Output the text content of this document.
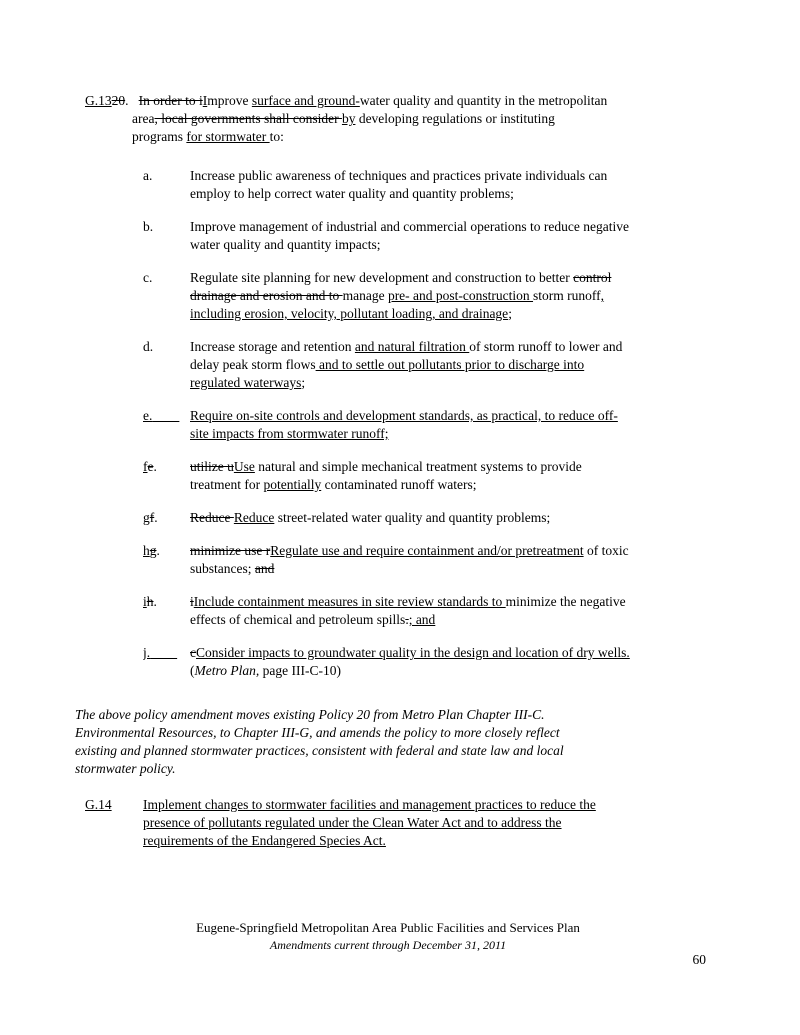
G.1320. In order to iImprove surface and ground-water quality and quantity in the metropolitan
area, local governments shall consider by developing regulations or instituting
programs for stormwater to:

a.	Increase public awareness of techniques and practices private individuals can
employ to help correct water quality and quantity problems;
b.	Improve management of industrial and commercial operations to reduce negative
water quality and quantity impacts;
c.	Regulate site planning for new development and construction to better control
drainage and erosion and to manage pre- and post-construction storm runoff,
including erosion, velocity, pollutant loading, and drainage;
d.	Increase storage and retention and natural filtration of storm runoff to lower and
delay peak storm flows and to settle out pollutants prior to discharge into
regulated waterways;
e.	Require on-site controls and development standards, as practical, to reduce off-
site impacts from stormwater runoff;
fe.	utilize uUse natural and simple mechanical treatment systems to provide
treatment for potentially contaminated runoff waters;
gf.	Reduce Reduce street-related water quality and quantity problems;
hg.	minimize use rRegulate use and require containment and/or pretreatment of toxic
substances; and
ih.	iInclude containment measures in site review standards to minimize the negative
effects of chemical and petroleum spills.; and
j.	cConsider impacts to groundwater quality in the design and location of dry wells.
(Metro Plan, page III-C-10)

The above policy amendment moves existing Policy 20 from Metro Plan Chapter III-C.
Environmental Resources, to Chapter III-G, and amends the policy to more closely reflect
existing and planned stormwater practices, consistent with federal and state law and local
stormwater policy.

G.14	Implement changes to stormwater facilities and management practices to reduce the
presence of pollutants regulated under the Clean Water Act and to address the
requirements of the Endangered Species Act.
Eugene-Springfield Metropolitan Area Public Facilities and Services Plan
Amendments current through December 31, 2011
60
